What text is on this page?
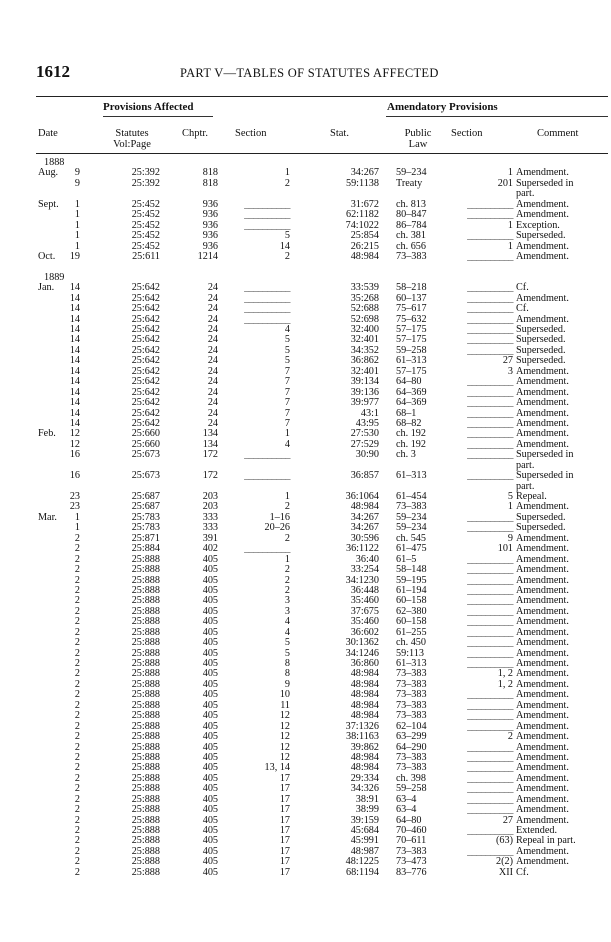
1612	PART V—TABLES OF STATUTES AFFECTED
Provisions Affected	Amendatory Provisions
Date	Statutes
Vol:Page
Chptr.	Section	Stat.	Public
Law
Section	Comment
1888
Aug. 9	25:392	818	1	34:267 59–234	1 Amendment.
9	25:392	818	2	59:1138 Treaty	201 Superseded in
part.
Sept. 1	25:452	936	__________	31:672 ch. 813	__________ Amendment.
1	25:452	936	__________	62:1182 80–847	__________ Amendment.
1	25:452	936	__________	74:1022 86–784	1 Exception.
1	25:452	936	5	25:854 ch. 381	__________ Superseded.
1	25:452	936	14	26:215 ch. 656	1 Amendment.
Oct. 19	25:611	1214	2	48:984 73–383	__________ Amendment.
1889
Jan. 14	25:642	24	__________	33:539 58–218	__________ Cf.
14	25:642	24	__________	35:268 60–137	__________ Amendment.
14	25:642	24	__________	52:688 75–617	__________ Cf.
14	25:642	24	__________	52:698 75–632	__________ Amendment.
14	25:642	24	4	32:400 57–175	__________ Superseded.
14	25:642	24	5	32:401 57–175	__________ Superseded.
14	25:642	24	5	34:352 59–258	__________ Superseded.
14	25:642	24	5	36:862 61–313	27 Superseded.
14	25:642	24	7	32:401 57–175	3 Amendment.
14	25:642	24	7	39:134 64–80	__________ Amendment.
14	25:642	24	7	39:136 64–369	__________ Amendment.
14	25:642	24	7	39:977 64–369	__________ Amendment.
14	25:642	24	7	43:1 68–1	__________ Amendment.
14	25:642	24	7	43:95 68–82	__________ Amendment.
Feb. 12	25:660	134	1	27:530 ch. 192	__________ Amendment.
12	25:660	134	4	27:529 ch. 192	__________ Amendment.
16	25:673	172	__________	30:90 ch. 3	__________ Superseded in
part.
16	25:673	172	__________	36:857 61–313	__________ Superseded in
part.
23	25:687	203	1	36:1064 61–454	5 Repeal.
23	25:687	203	2	48:984 73–383	1 Amendment.
Mar. 1	25:783	333	1–16	34:267 59–234	__________ Superseded.
1	25:783	333	20–26	34:267 59–234	__________ Superseded.
2	25:871	391	2	30:596 ch. 545	9 Amendment.
2	25:884	402	__________	36:1122 61–475	101 Amendment.
2	25:888	405	1	36:40 61–5	__________ Amendment.
2	25:888	405	2	33:254 58–148	__________ Amendment.
2	25:888	405	2	34:1230 59–195	__________ Amendment.
2	25:888	405	2	36:448 61–194	__________ Amendment.
2	25:888	405	3	35:460 60–158	__________ Amendment.
2	25:888	405	3	37:675 62–380	__________ Amendment.
2	25:888	405	4	35:460 60–158	__________ Amendment.
2	25:888	405	4	36:602 61–255	__________ Amendment.
2	25:888	405	5	30:1362 ch. 450	__________ Amendment.
2	25:888	405	5	34:1246 59:113	__________ Amendment.
2	25:888	405	8	36:860 61–313	__________ Amendment.
2	25:888	405	8	48:984 73–383	1, 2 Amendment.
2	25:888	405	9	48:984 73–383	1, 2 Amendment.
2	25:888	405	10	48:984 73–383	__________ Amendment.
2	25:888	405	11	48:984 73–383	__________ Amendment.
2	25:888	405	12	48:984 73–383	__________ Amendment.
2	25:888	405	12	37:1326 62–104	__________ Amendment.
2	25:888	405	12	38:1163 63–299	2 Amendment.
2	25:888	405	12	39:862 64–290	__________ Amendment.
2	25:888	405	12	48:984 73–383	__________ Amendment.
2	25:888	405	13, 14	48:984 73–383	__________ Amendment.
2	25:888	405	17	29:334 ch. 398	__________ Amendment.
2	25:888	405	17	34:326 59–258	__________ Amendment.
2	25:888	405	17	38:91 63–4	__________ Amendment.
2	25:888	405	17	38:99 63–4	__________ Amendment.
2	25:888	405	17	39:159 64–80	27 Amendment.
2	25:888	405	17	45:684 70–460	__________ Extended.
2	25:888	405	17	45:991 70–611	(63) Repeal in part.
2	25:888	405	17	48:987 73–383	__________ Amendment.
2	25:888	405	17	48:1225 73–473	2(2) Amendment.
2	25:888	405	17	68:1194 83–776	XII Cf.
